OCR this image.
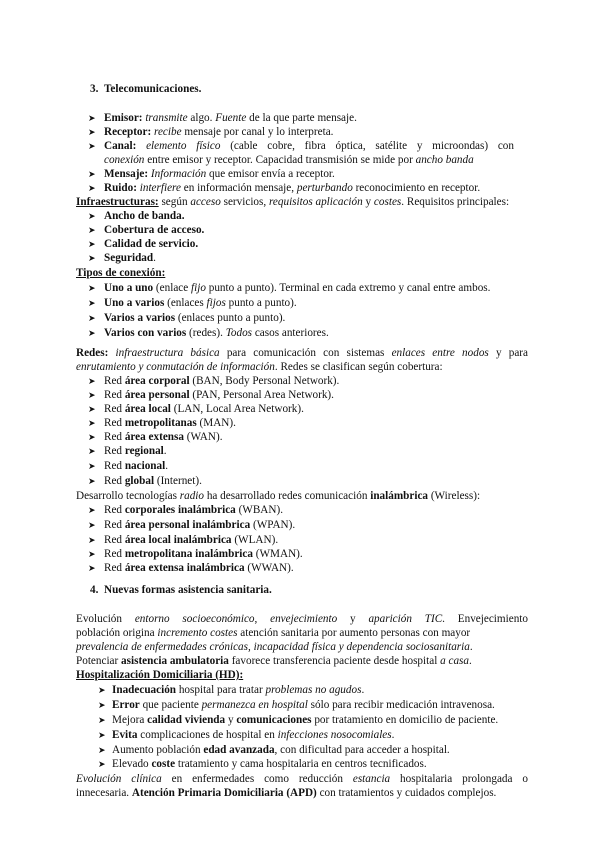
3. Telecomunicaciones.
➤ Emisor: transmite algo. Fuente de la que parte mensaje.
➤ Receptor: recibe mensaje por canal y lo interpreta.
➤ Canal: elemento físico (cable cobre, fibra óptica, satélite y microondas) con
conexión entre emisor y receptor. Capacidad transmisión se mide por ancho banda
➤ Mensaje: Información que emisor envía a receptor.
➤ Ruido: interfiere en información mensaje, perturbando reconocimiento en receptor.
Infraestructuras: según acceso servicios, requisitos aplicación y costes. Requisitos principales:
➤ Ancho de banda.
➤ Cobertura de acceso.
➤ Calidad de servicio.
➤ Seguridad.
Tipos de conexión:
➤ Uno a uno (enlace fijo punto a punto). Terminal en cada extremo y canal entre ambos.
➤ Uno a varios (enlaces fijos punto a punto).
➤ Varios a varios (enlaces punto a punto).
➤ Varios con varios (redes). Todos casos anteriores.
Redes: infraestructura básica para comunicación con sistemas enlaces entre nodos y para
enrutamiento y conmutación de información. Redes se clasifican según cobertura:
➤ Red área corporal (BAN, Body Personal Network).
➤ Red área personal (PAN, Personal Area Network).
➤ Red área local (LAN, Local Area Network).
➤ Red metropolitanas (MAN).
➤ Red área extensa (WAN).
➤ Red regional.
➤ Red nacional.
➤ Red global (Internet).
Desarrollo tecnologías radio ha desarrollado redes comunicación inalámbrica (Wireless):
➤ Red corporales inalámbrica (WBAN).
➤ Red área personal inalámbrica (WPAN).
➤ Red área local inalámbrica (WLAN).
➤ Red metropolitana inalámbrica (WMAN).
➤ Red área extensa inalámbrica (WWAN).
4. Nuevas formas asistencia sanitaria.
Evolución entorno socioeconómico, envejecimiento y aparición TIC. Envejecimiento
población origina incremento costes atención sanitaria por aumento personas con mayor
prevalencia de enfermedades crónicas, incapacidad física y dependencia sociosanitaria.
Potenciar asistencia ambulatoria favorece transferencia paciente desde hospital a casa.
Hospitalización Domiciliaria (HD):
➤ Inadecuación hospital para tratar problemas no agudos.
➤ Error que paciente permanezca en hospital sólo para recibir medicación intravenosa.
➤ Mejora calidad vivienda y comunicaciones por tratamiento en domicilio de paciente.
➤ Evita complicaciones de hospital en infecciones nosocomiales.
➤ Aumento población edad avanzada, con dificultad para acceder a hospital.
➤ Elevado coste tratamiento y cama hospitalaria en centros tecnificados.
Evolución clínica en enfermedades como reducción estancia hospitalaria prolongada o
innecesaria. Atención Primaria Domiciliaria (APD) con tratamientos y cuidados complejos.
